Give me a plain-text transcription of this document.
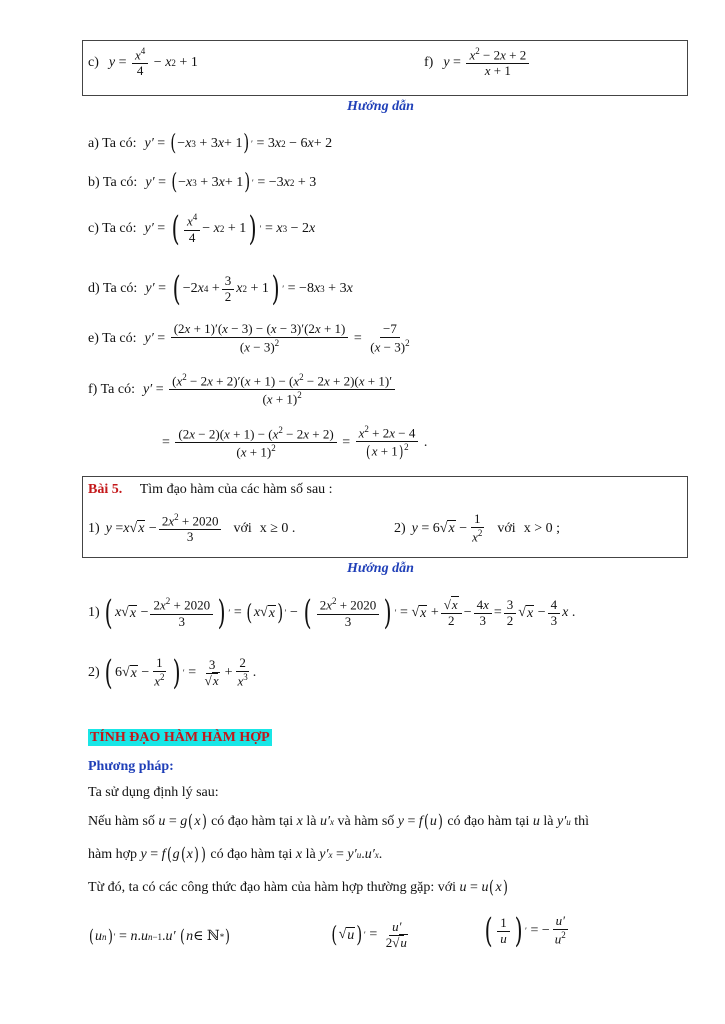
c) $y = \frac{x^4}{4} - x$ 2 + 1	f) $y = \frac{x^2 - 2x + 2}{x + 1}$
Hướng dẫn
a) Ta có: y′ = ( − x 3 + 3 x + 1 ) ′ = 3 x 2 − 6 x + 2
b) Ta có: y′ = ( − x 3 + 3 x + 1 ) ′ = −3 x 2 + 3
c) Ta có: y′ = ( $\frac{x^4}{4} - x$ 2 + 1 ) ′ = x 3 − 2 x
d) Ta có: y′ = ( −2 x $4 + \frac{3}{2}$ x 2 + 1 ) ′ = −8 x 3 + 3 x
e) Ta có: $y' = \frac{(2x + 1)'(x - 3) - (x - 3)'(2x + 1)}{(x - 3)^2} = \frac{-7}{(x - 3)^2}$
f) Ta có: $y' = \frac{(x^2 - 2x + 2)'(x + 1) - (x^2 - 2x + 2)(x + 1)'}{(x + 1)^2}$
= $\frac{(2x - 2)(x + 1) - (x^2 - 2x + 2)}{(x + 1)^2} = \frac{x^2 + 2x - 4}{(x + 1)^2}$ .
Bài 5. Tìm đạo hàm của các hàm số sau :
1) y = x √ $x - \frac{2x^2 + 2020}{3}$ với x ≥ 0 .	2) y = 6√ $x - \frac{1}{x^2}$ với x > 0 ;
Hướng dẫn
1) ( x √ $x - \frac{2x^2 + 2020}{3}$ ) ′ = ( x √ x ) ′ − ( $\frac{2x^2 + 2020}{3}$ ) ′ = √ $x + \frac{√x}{2} - \frac{4x}{3} = \frac{3}{2}$ √ $x - \frac{4}{3}$ x .
2) ( 6√ $x - \frac{1}{x^2}$ ) ′ = $\frac{3}{√x} + \frac{2}{x^3}$ .
TÍNH ĐẠO HÀM HÀM HỢP
Phương pháp:
Ta sử dụng định lý sau:
Nếu hàm số
u = g ( x )
có đạo hàm tại
x
là
u′ x
và hàm số
y = f ( u )
có đạo hàm tại
u
là
y′ u
thì
hàm hợp
y = f ( g ( x ) )
có đạo hàm tại
x
là
y′ x = y′ u . u′ x .
Từ đó, ta có các công thức đạo hàm của hàm hợp thường gặp: với
u = u ( x )
( u n ) ′ = n . u n−1 . u′
( n ∈ ℕ * )	( √ u ) ′ = $\frac{u'}{2√u}$ ( $\frac{1}{u}$ ) ′ = − $\frac{u'}{u^2}$
